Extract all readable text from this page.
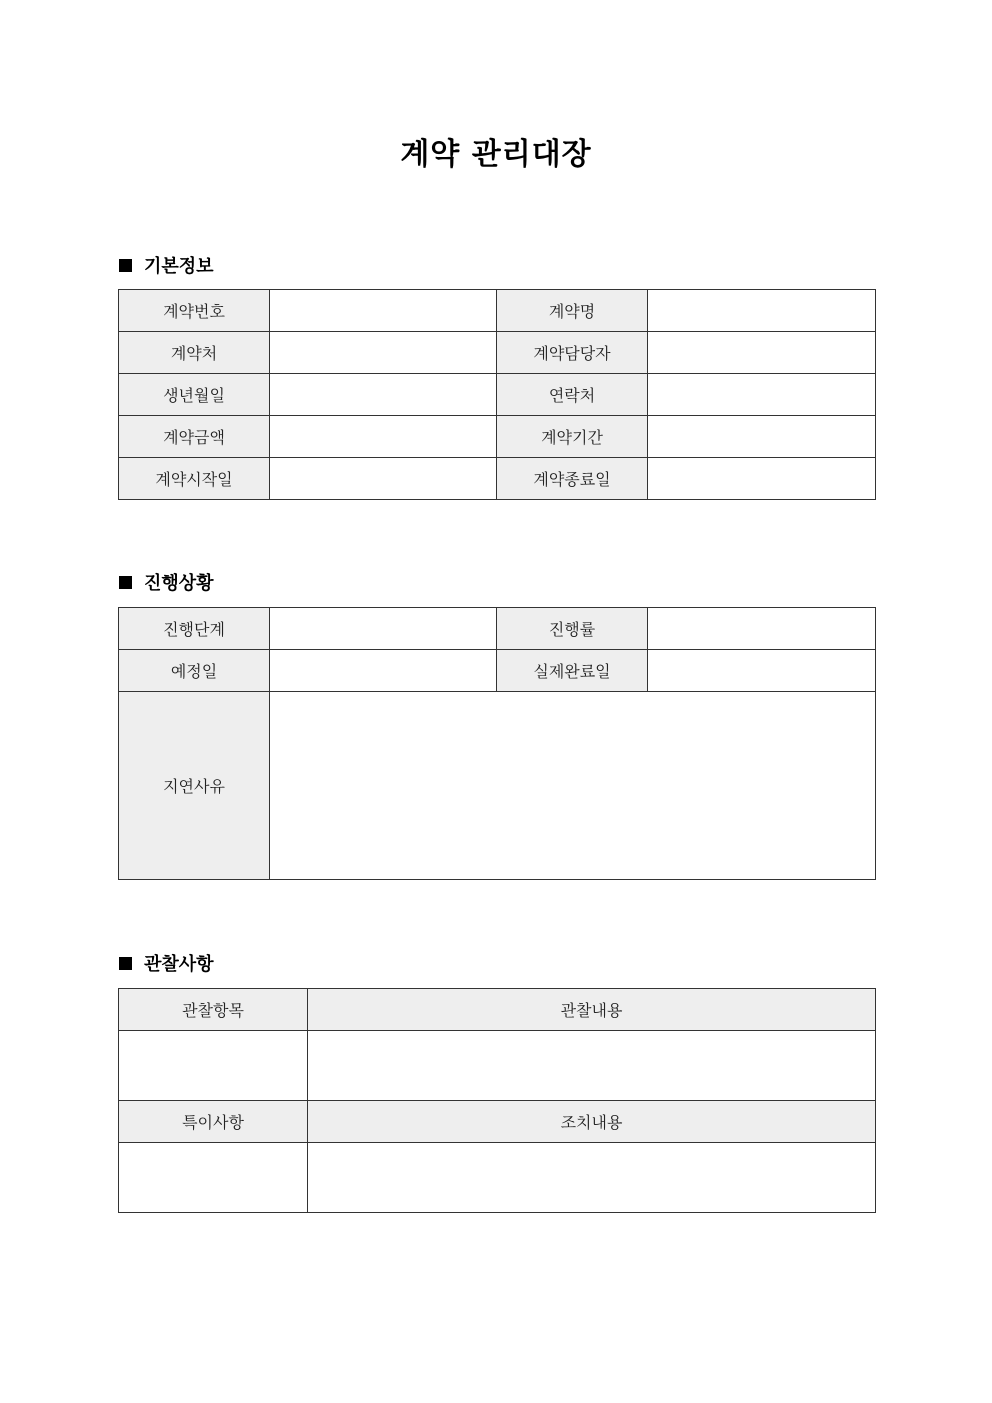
계약 관리대장
기본정보
계약번호		계약명	
계약처		계약담당자	
생년월일		연락처	
계약금액		계약기간	
계약시작일		계약종료일	
진행상황
진행단계		진행률	
예정일		실제완료일	
지연사유			
관찰사항
관찰항목	관찰내용

특이사항	조치내용
